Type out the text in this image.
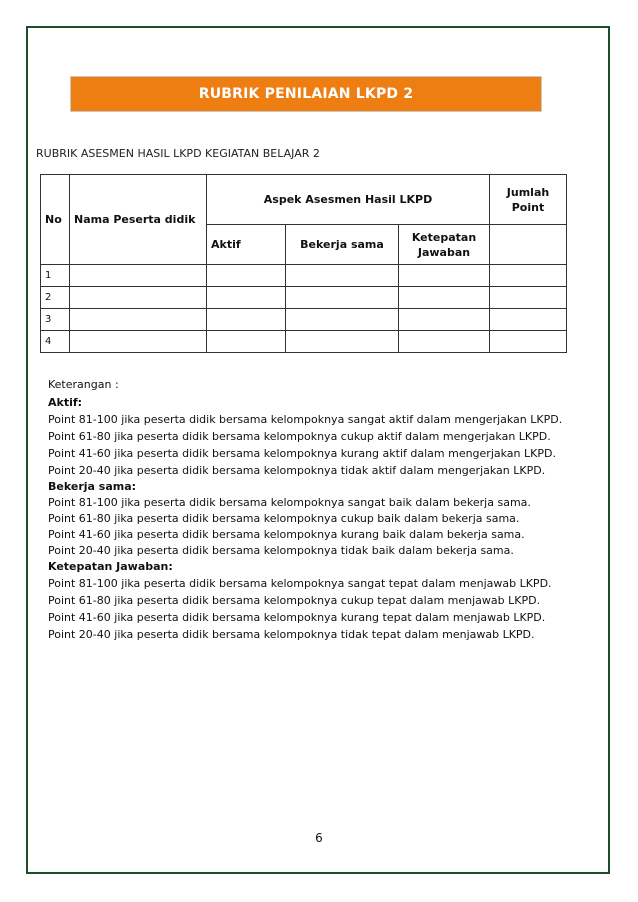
RUBRIK PENILAIAN LKPD 2
RUBRIK ASESMEN HASIL LKPD KEGIATAN BELAJAR 2
No	Nama Peserta didik	Aspek Asesmen Hasil LKPD			Jumlah Point
		Aktif	Bekerja sama	Ketepatan Jawaban	
1					
2					
3					
4					

Keterangan :

Aktif:

Point 81-100 jika peserta didik bersama kelompoknya sangat aktif dalam mengerjakan LKPD.

Point 61-80 jika peserta didik bersama kelompoknya cukup aktif dalam mengerjakan LKPD.

Point 41-60 jika peserta didik bersama kelompoknya kurang aktif dalam mengerjakan LKPD.

Point 20-40 jika peserta didik bersama kelompoknya tidak aktif dalam mengerjakan LKPD.

Bekerja sama:

Point 81-100 jika peserta didik bersama kelompoknya sangat baik dalam bekerja sama.

Point 61-80 jika peserta didik bersama kelompoknya cukup baik dalam bekerja sama.

Point 41-60 jika peserta didik bersama kelompoknya kurang baik dalam bekerja sama.

Point 20-40 jika peserta didik bersama kelompoknya tidak baik dalam bekerja sama.

Ketepatan Jawaban:

Point 81-100 jika peserta didik bersama kelompoknya sangat tepat dalam menjawab LKPD.

Point 61-80 jika peserta didik bersama kelompoknya cukup tepat dalam menjawab LKPD.

Point 41-60 jika peserta didik bersama kelompoknya kurang tepat dalam menjawab LKPD.

Point 20-40 jika peserta didik bersama kelompoknya tidak tepat dalam menjawab LKPD.

6
